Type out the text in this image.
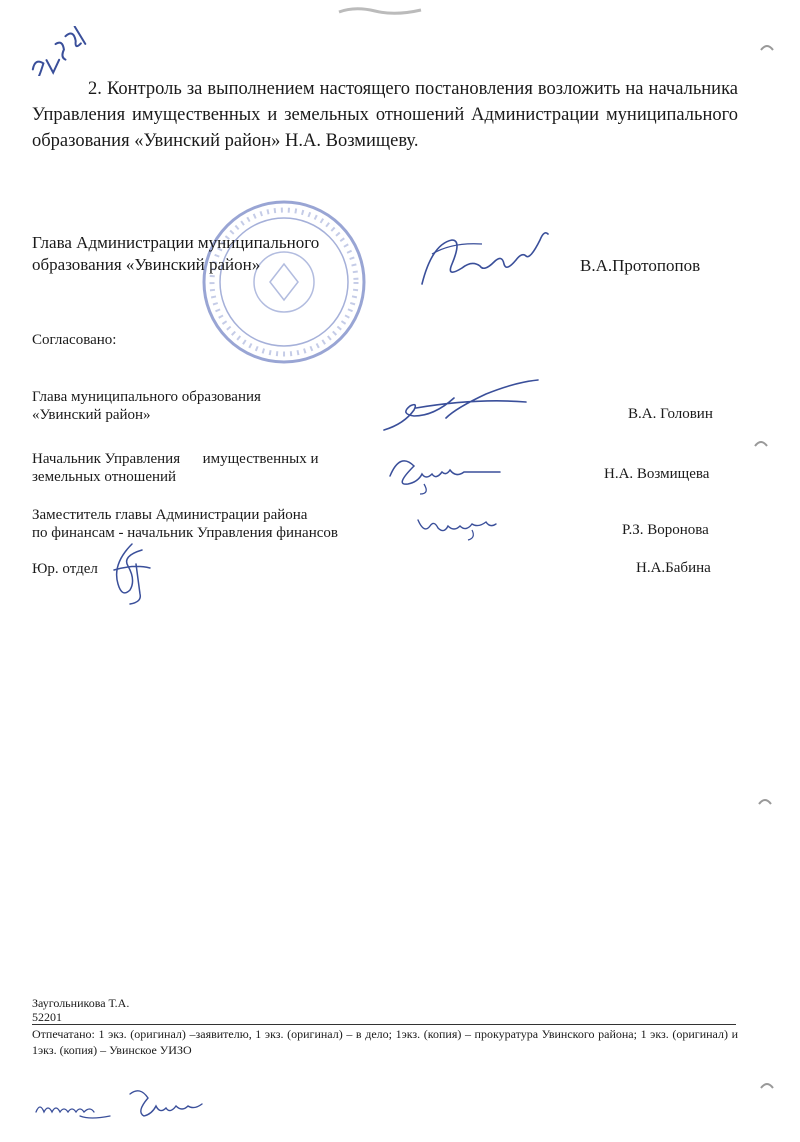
2. Контроль за выполнением настоящего постановления возложить на начальника Управления имущественных и земельных отношений Администрации муниципального образования «Увинский район» Н.А. Возмищеву.
Глава Администрации муниципального
образования «Увинский район»	В.А.Протопопов
Согласовано:
Глава муниципального образования
«Увинский район»	В.А. Головин
Начальник Управления      имущественных и
земельных отношений	Н.А. Возмищева
Заместитель главы Администрации района
по финансам - начальник Управления финансов	Р.З. Воронова
Юр. отдел	Н.А.Бабина
Заугольникова Т.А.
52201
Отпечатано: 1 экз. (оригинал) –заявителю, 1 экз. (оригинал) – в дело; 1экз. (копия) – прокуратура Увинского района; 1 экз. (оригинал) и 1экз. (копия) – Увинское УИЗО
